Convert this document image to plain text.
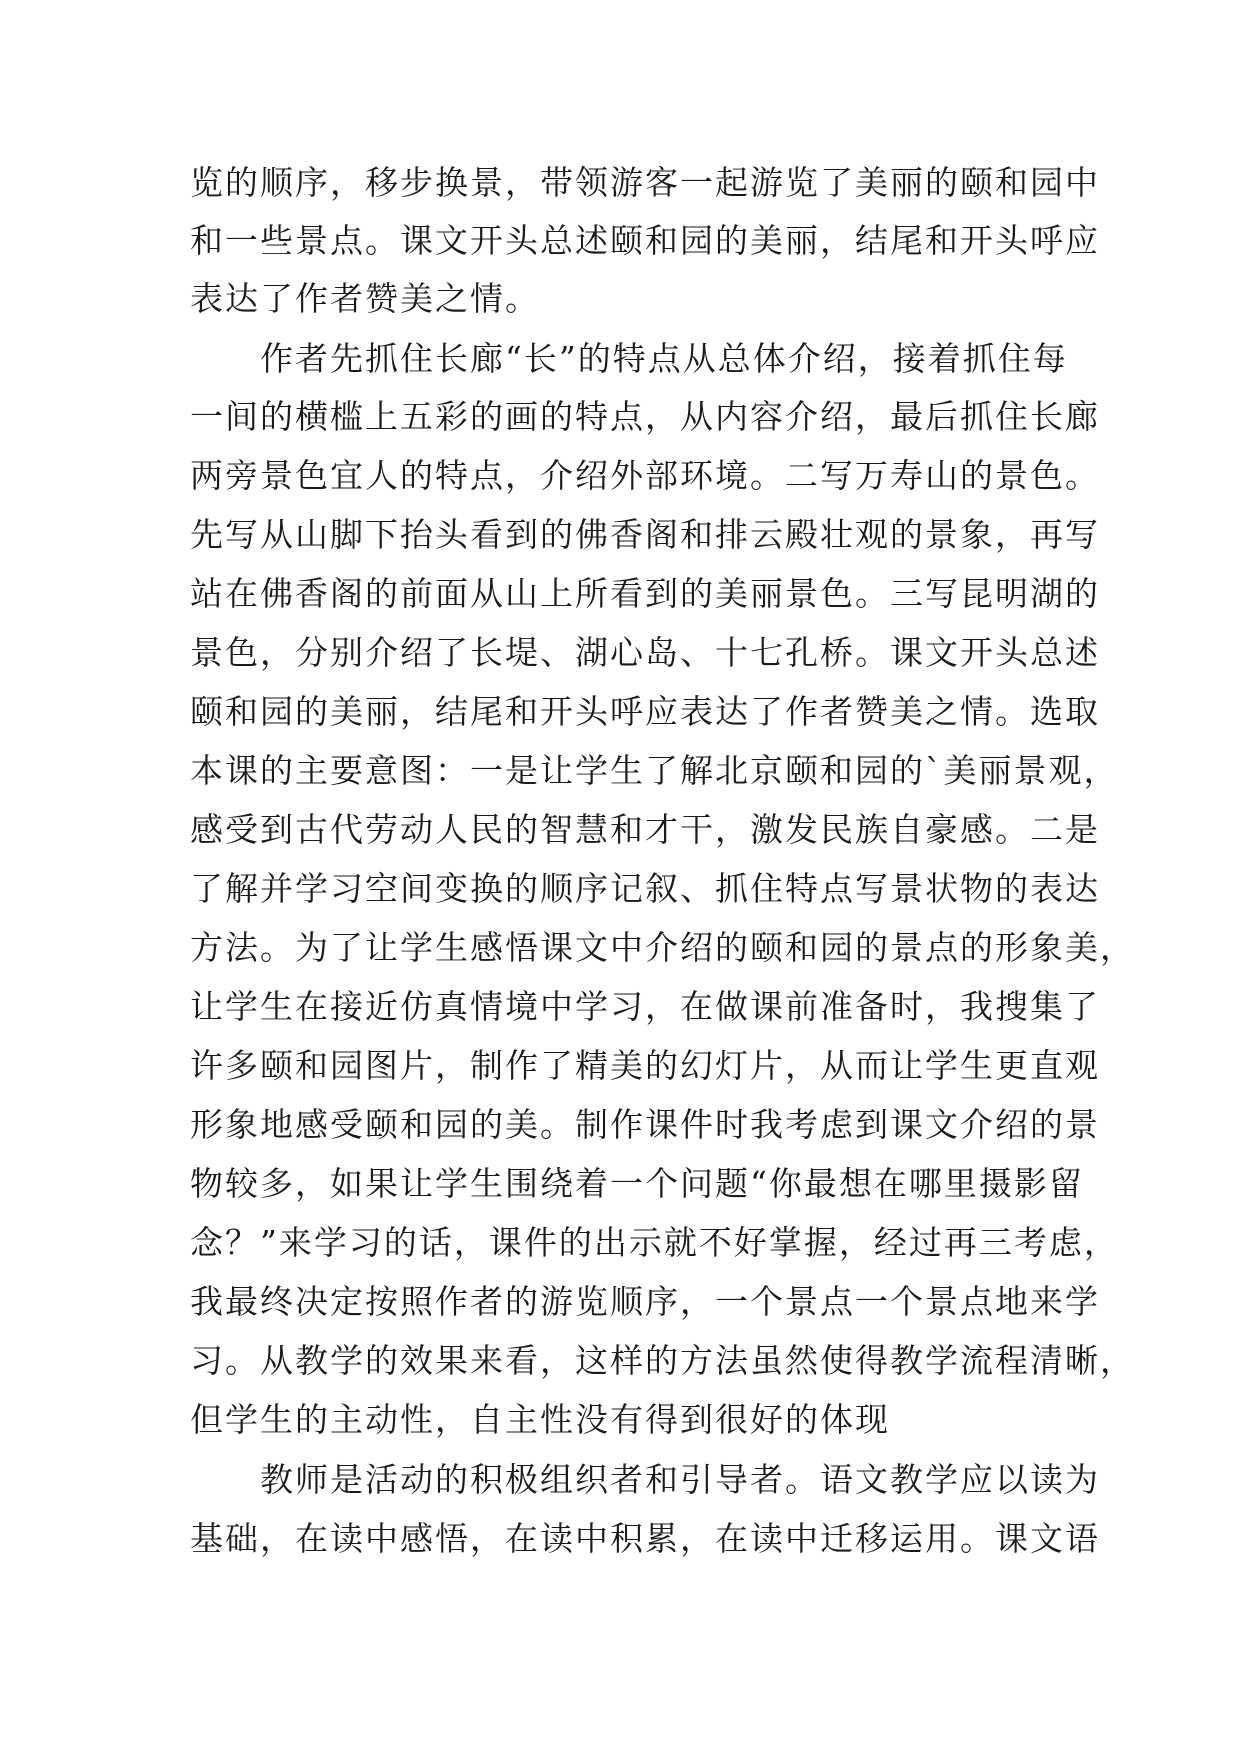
览的顺序，移步换景，带领游客一起游览了美丽的颐和园中
和一些景点。课文开头总述颐和园的美丽，结尾和开头呼应
表达了作者赞美之情。
　　作者先抓住长廊“长”的特点从总体介绍，接着抓住每
一间的横槛上五彩的画的特点，从内容介绍，最后抓住长廊
两旁景色宜人的特点，介绍外部环境。二写万寿山的景色。
先写从山脚下抬头看到的佛香阁和排云殿壮观的景象，再写
站在佛香阁的前面从山上所看到的美丽景色。三写昆明湖的
景色，分别介绍了长堤、湖心岛、十七孔桥。课文开头总述
颐和园的美丽，结尾和开头呼应表达了作者赞美之情。选取
本课的主要意图：一是让学生了解北京颐和园的`美丽景观，
感受到古代劳动人民的智慧和才干，激发民族自豪感。二是
了解并学习空间变换的顺序记叙、抓住特点写景状物的表达
方法。为了让学生感悟课文中介绍的颐和园的景点的形象美，
让学生在接近仿真情境中学习，在做课前准备时，我搜集了
许多颐和园图片，制作了精美的幻灯片，从而让学生更直观
形象地感受颐和园的美。制作课件时我考虑到课文介绍的景
物较多，如果让学生围绕着一个问题“你最想在哪里摄影留
念？”来学习的话，课件的出示就不好掌握，经过再三考虑，
我最终决定按照作者的游览顺序，一个景点一个景点地来学
习。从教学的效果来看，这样的方法虽然使得教学流程清晰，
但学生的主动性，自主性没有得到很好的体现
　　教师是活动的积极组织者和引导者。语文教学应以读为
基础，在读中感悟，在读中积累，在读中迁移运用。课文语
